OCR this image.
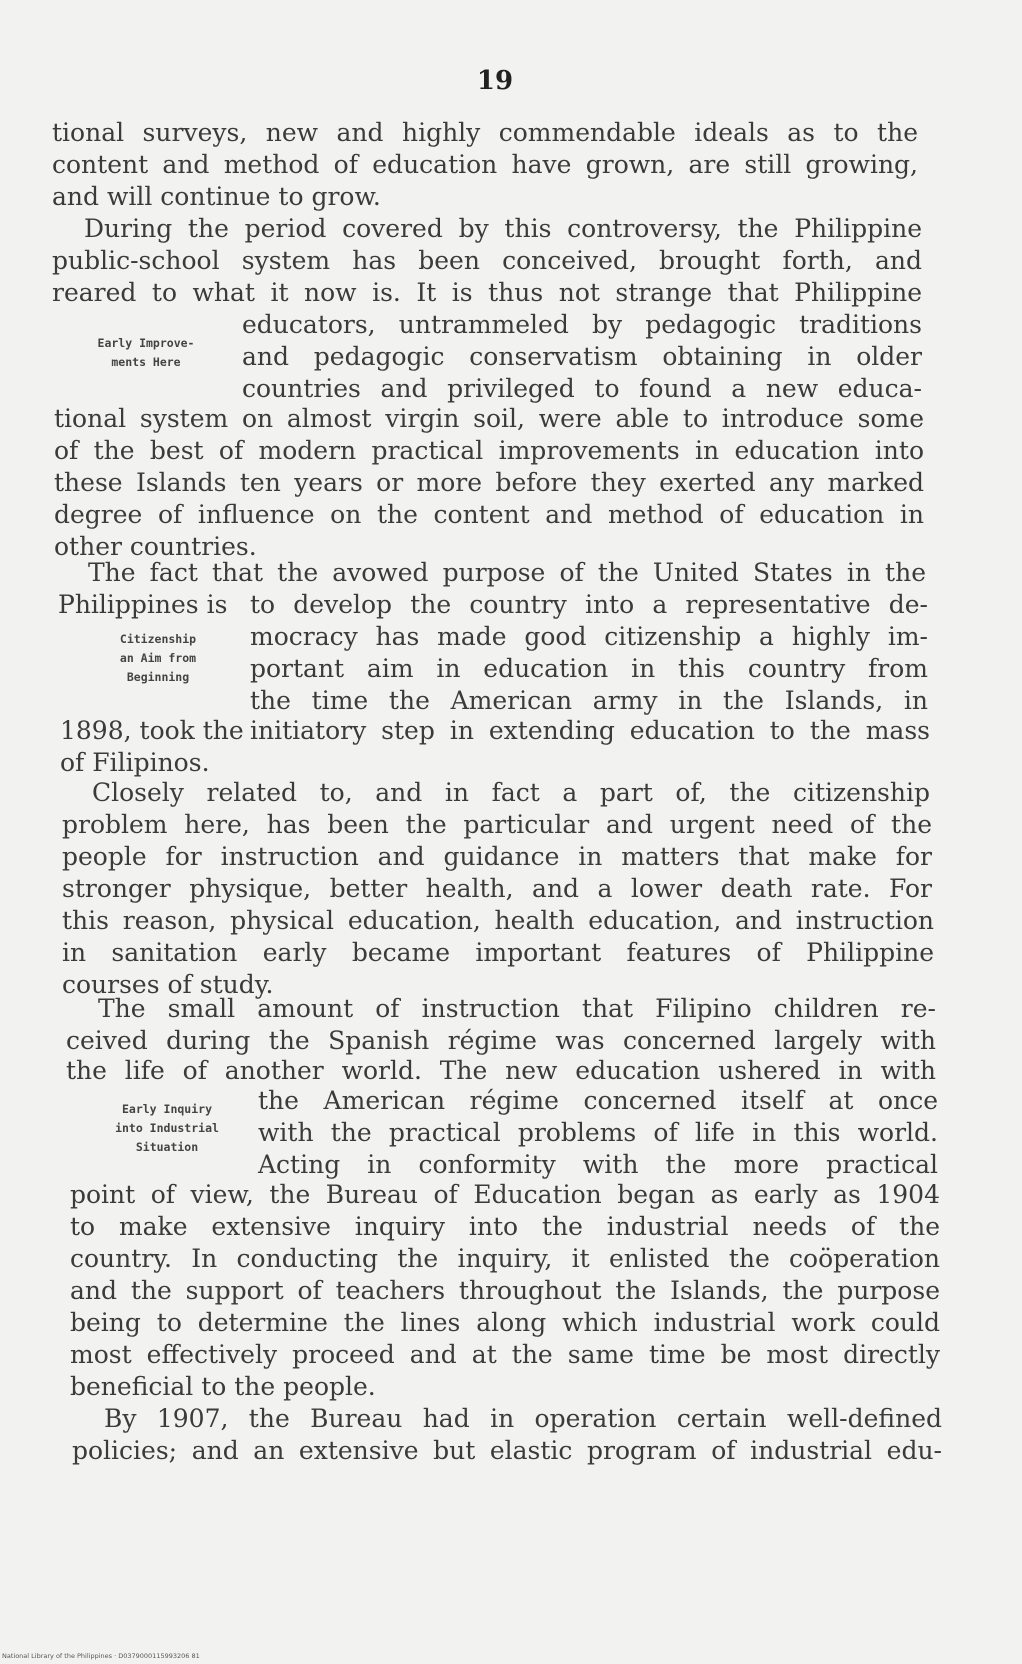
19
tional surveys, new and highly commendable ideals as to the
content and method of education have grown, are still growing,
and will continue to grow.
During the period covered by this controversy, the Philippine
public-school system has been conceived, brought forth, and
reared to what it now is. It is thus not strange that Philippine
educators, untrammeled by pedagogic traditions
and pedagogic conservatism obtaining in older
countries and privileged to found a new educa-
tional system on almost virgin soil, were able to introduce some
of the best of modern practical improvements in education into
these Islands ten years or more before they exerted any marked
degree of influence on the content and method of education in
other countries.
Early Improve-
ments Here
The fact that the avowed purpose of the United States in the
Philippines is to develop the country into a representative de-
mocracy has made good citizenship a highly im-
portant aim in education in this country from
the time the American army in the Islands, in
1898, took the initiatory step in extending education to the mass
of Filipinos.
Citizenship
an Aim from
Beginning
Closely related to, and in fact a part of, the citizenship
problem here, has been the particular and urgent need of the
people for instruction and guidance in matters that make for
stronger physique, better health, and a lower death rate. For
this reason, physical education, health education, and instruction
in sanitation early became important features of Philippine
courses of study.
The small amount of instruction that Filipino children re-
ceived during the Spanish régime was concerned largely with
the life of another world. The new education ushered in with
the American régime concerned itself at once
with the practical problems of life in this world.
Acting in conformity with the more practical
point of view, the Bureau of Education began as early as 1904
to make extensive inquiry into the industrial needs of the
country. In conducting the inquiry, it enlisted the coöperation
and the support of teachers throughout the Islands, the purpose
being to determine the lines along which industrial work could
most effectively proceed and at the same time be most directly
beneficial to the people.
Early Inquiry
into Industrial
Situation
By 1907, the Bureau had in operation certain well-defined
policies; and an extensive but elastic program of industrial edu-
National Library of the Philippines · D0379000115993206 81
